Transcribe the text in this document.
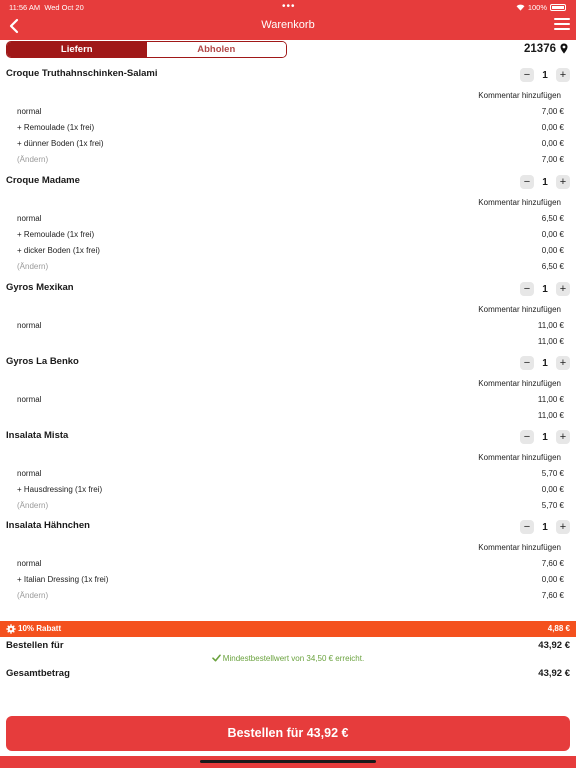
11:56 AM Wed Oct 20	•••	100%
Warenkorb
Liefern	Abholen	21376
Croque Truthahnschinken-Salami	−	1	+
Kommentar hinzufügen
normal	7,00 €
+ Remoulade (1x frei)	0,00 €
+ dünner Boden (1x frei)	0,00 €
(Ändern)	7,00 €
Croque Madame	−	1	+
Kommentar hinzufügen
normal	6,50 €
+ Remoulade (1x frei)	0,00 €
+ dicker Boden (1x frei)	0,00 €
(Ändern)	6,50 €
Gyros Mexikan	−	1	+
Kommentar hinzufügen
normal	11,00 €
11,00 €
Gyros La Benko	−	1	+
Kommentar hinzufügen
normal	11,00 €
11,00 €
Insalata Mista	−	1	+
Kommentar hinzufügen
normal	5,70 €
+ Hausdressing (1x frei)	0,00 €
(Ändern)	5,70 €
Insalata Hähnchen	−	1	+
Kommentar hinzufügen
normal	7,60 €
+ Italian Dressing (1x frei)	0,00 €
(Ändern)	7,60 €
10% Rabatt	4,88 €
Bestellen für	43,92 €
Mindestbestellwert von 34,50 € erreicht.
Gesamtbetrag	43,92 €
Bestellen für 43,92 €
